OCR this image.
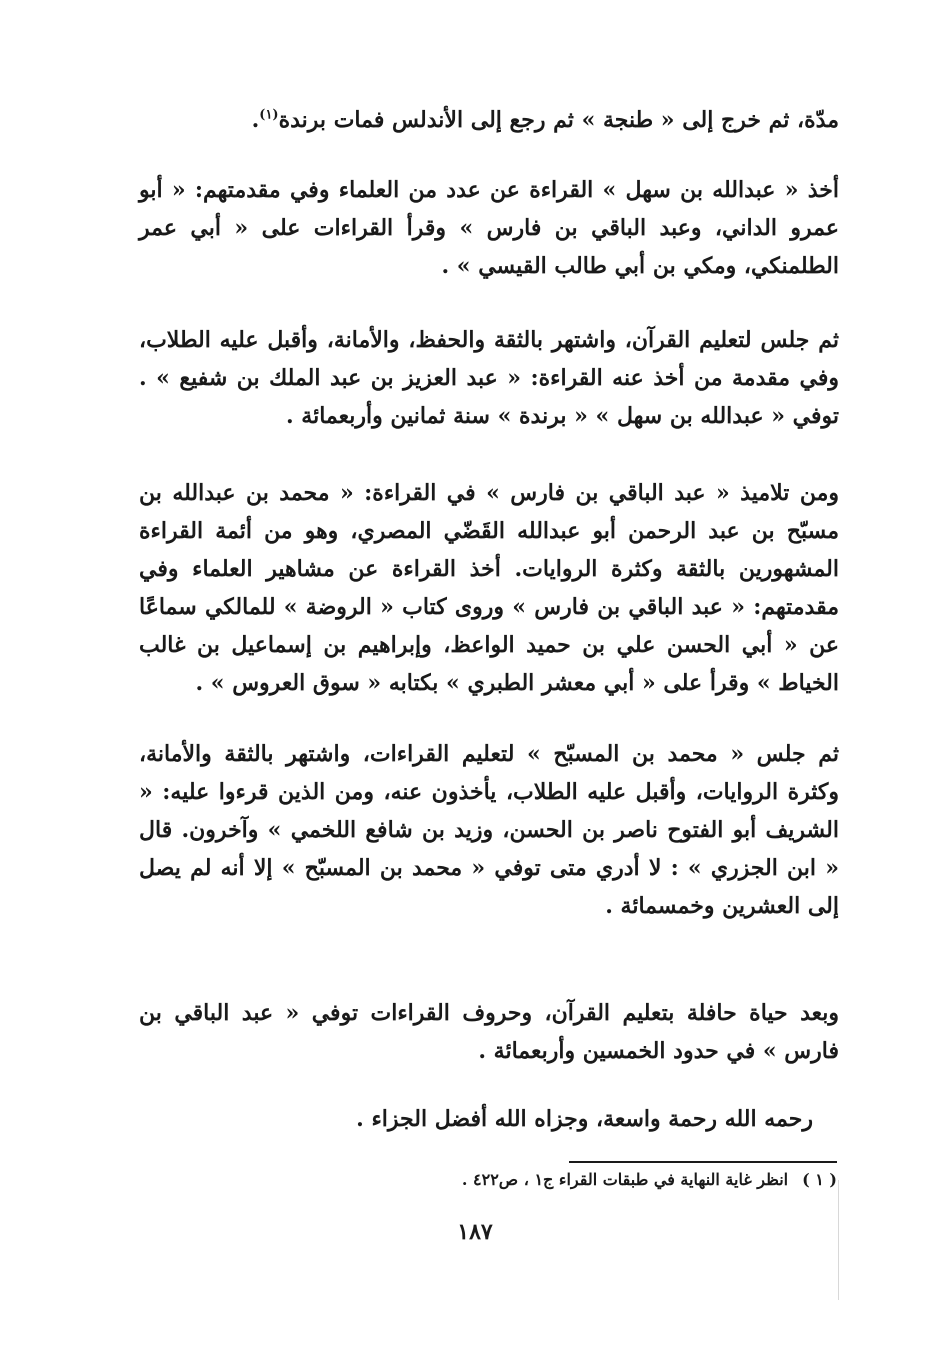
مدّة، ثم خرج إلى « طنجة » ثم رجع إلى الأندلس فمات برندة$^{(١)}$.

أخذ « عبدالله بن سهل » القراءة عن عدد من العلماء وفي مقدمتهم: « أبو عمرو الداني، وعبد الباقي بن فارس » وقرأ القراءات على « أبي عمر الطلمنكي، ومكي بن أبي طالب القيسي » .

ثم جلس لتعليم القرآن، واشتهر بالثقة والحفظ، والأمانة، وأقبل عليه الطلاب، وفي مقدمة من أخذ عنه القراءة: « عبد العزيز بن عبد الملك بن شفيع » . توفي « عبدالله بن سهل » « برندة » سنة ثمانين وأربعمائة .

ومن تلاميذ « عبد الباقي بن فارس » في القراءة: « محمد بن عبدالله بن مسبّح بن عبد الرحمن أبو عبدالله القَضّي المصري، وهو من أئمة القراءة المشهورين بالثقة وكثرة الروايات. أخذ القراءة عن مشاهير العلماء وفي مقدمتهم: « عبد الباقي بن فارس » وروى كتاب « الروضة » للمالكي سماعًا عن « أبي الحسن علي بن حميد الواعظ، وإبراهيم بن إسماعيل بن غالب الخياط » وقرأ على « أبي معشر الطبري » بكتابه « سوق العروس » .

ثم جلس « محمد بن المسبّح » لتعليم القراءات، واشتهر بالثقة والأمانة، وكثرة الروايات، وأقبل عليه الطلاب، يأخذون عنه، ومن الذين قرءوا عليه: « الشريف أبو الفتوح ناصر بن الحسن، وزيد بن شافع اللخمي » وآخرون. قال « ابن الجزري » : لا أدري متى توفي « محمد بن المسبّح » إلا أنه لم يصل إلى العشرين وخمسمائة .

وبعد حياة حافلة بتعليم القرآن، وحروف القراءات توفي « عبد الباقي بن فارس » في حدود الخمسين وأربعمائة .

رحمه الله رحمة واسعة، وجزاه الله أفضل الجزاء .

( ١ )انظر غاية النهاية في طبقات القراء ج١ ، ص٤٢٢ .
١٨٧
